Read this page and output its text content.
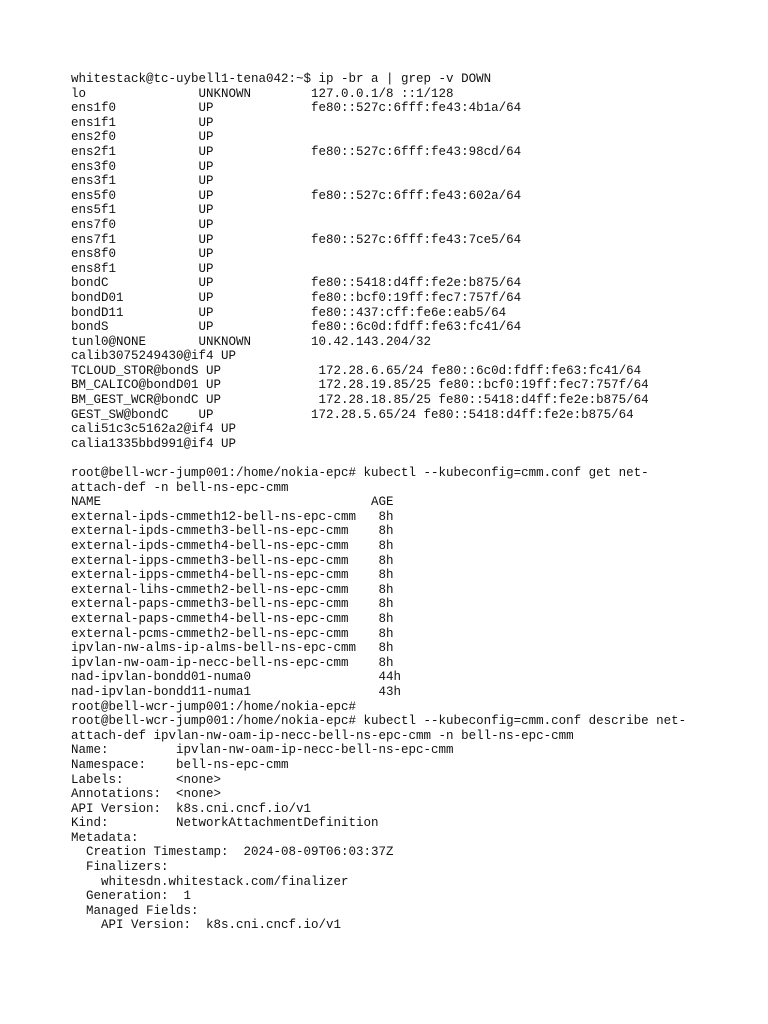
whitestack@tc-uybell1-tena042:~$ ip -br a | grep -v DOWN
lo               UNKNOWN        127.0.0.1/8 ::1/128
ens1f0           UP             fe80::527c:6fff:fe43:4b1a/64
ens1f1           UP
ens2f0           UP
ens2f1           UP             fe80::527c:6fff:fe43:98cd/64
ens3f0           UP
ens3f1           UP
ens5f0           UP             fe80::527c:6fff:fe43:602a/64
ens5f1           UP
ens7f0           UP
ens7f1           UP             fe80::527c:6fff:fe43:7ce5/64
ens8f0           UP
ens8f1           UP
bondC            UP             fe80::5418:d4ff:fe2e:b875/64
bondD01          UP             fe80::bcf0:19ff:fec7:757f/64
bondD11          UP             fe80::437:cff:fe6e:eab5/64
bondS            UP             fe80::6c0d:fdff:fe63:fc41/64
tunl0@NONE       UNKNOWN        10.42.143.204/32
calib3075249430@if4 UP
TCLOUD_STOR@bondS UP             172.28.6.65/24 fe80::6c0d:fdff:fe63:fc41/64
BM_CALICO@bondD01 UP             172.28.19.85/25 fe80::bcf0:19ff:fec7:757f/64
BM_GEST_WCR@bondC UP             172.28.18.85/25 fe80::5418:d4ff:fe2e:b875/64
GEST_SW@bondC    UP             172.28.5.65/24 fe80::5418:d4ff:fe2e:b875/64
cali51c3c5162a2@if4 UP
calia1335bbd991@if4 UP
root@bell-wcr-jump001:/home/nokia-epc# kubectl --kubeconfig=cmm.conf get net-
attach-def -n bell-ns-epc-cmm
NAME                                    AGE
external-ipds-cmmeth12-bell-ns-epc-cmm   8h
external-ipds-cmmeth3-bell-ns-epc-cmm    8h
external-ipds-cmmeth4-bell-ns-epc-cmm    8h
external-ipps-cmmeth3-bell-ns-epc-cmm    8h
external-ipps-cmmeth4-bell-ns-epc-cmm    8h
external-lihs-cmmeth2-bell-ns-epc-cmm    8h
external-paps-cmmeth3-bell-ns-epc-cmm    8h
external-paps-cmmeth4-bell-ns-epc-cmm    8h
external-pcms-cmmeth2-bell-ns-epc-cmm    8h
ipvlan-nw-alms-ip-alms-bell-ns-epc-cmm   8h
ipvlan-nw-oam-ip-necc-bell-ns-epc-cmm    8h
nad-ipvlan-bondd01-numa0                 44h
nad-ipvlan-bondd11-numa1                 43h
root@bell-wcr-jump001:/home/nokia-epc#
root@bell-wcr-jump001:/home/nokia-epc# kubectl --kubeconfig=cmm.conf describe net-
attach-def ipvlan-nw-oam-ip-necc-bell-ns-epc-cmm -n bell-ns-epc-cmm
Name:         ipvlan-nw-oam-ip-necc-bell-ns-epc-cmm
Namespace:    bell-ns-epc-cmm
Labels:       <none>
Annotations:  <none>
API Version:  k8s.cni.cncf.io/v1
Kind:         NetworkAttachmentDefinition
Metadata:
Creation Timestamp:  2024-08-09T06:03:37Z
Finalizers:
whitesdn.whitestack.com/finalizer
Generation:  1
Managed Fields:
API Version:  k8s.cni.cncf.io/v1
